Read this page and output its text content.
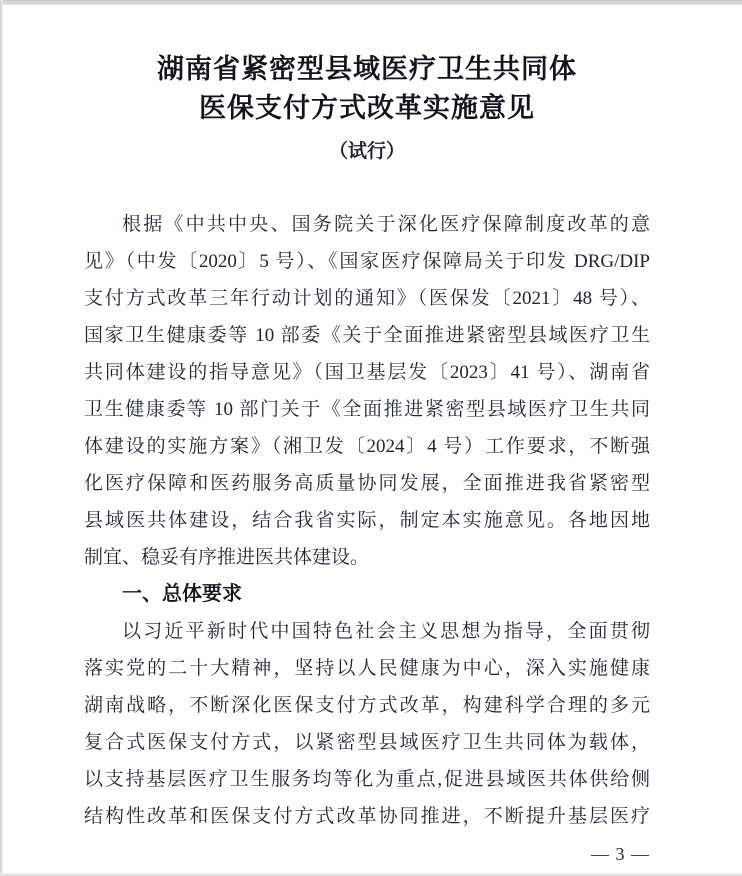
湖南省紧密型县域医疗卫生共同体
医保支付方式改革实施意见
（试行）
根据《中共中央、国务院关于深化医疗保障制度改革的意
见》（中发〔2020〕5 号）、《国家医疗保障局关于印发 DRG/DIP
支付方式改革三年行动计划的通知》（医保发〔2021〕48 号）、
国家卫生健康委等 10 部委《关于全面推进紧密型县域医疗卫生
共同体建设的指导意见》（国卫基层发〔2023〕41 号）、湖南省
卫生健康委等 10 部门关于《全面推进紧密型县域医疗卫生共同
体建设的实施方案》（湘卫发〔2024〕4 号）工作要求，不断强
化医疗保障和医药服务高质量协同发展，全面推进我省紧密型
县域医共体建设，结合我省实际，制定本实施意见。各地因地
制宜、稳妥有序推进医共体建设。
一、总体要求
以习近平新时代中国特色社会主义思想为指导，全面贯彻
落实党的二十大精神，坚持以人民健康为中心，深入实施健康
湖南战略，不断深化医保支付方式改革，构建科学合理的多元
复合式医保支付方式，以紧密型县域医疗卫生共同体为载体，
以支持基层医疗卫生服务均等化为重点,促进县域医共体供给侧
结构性改革和医保支付方式改革协同推进，不断提升基层医疗
— 3 —
